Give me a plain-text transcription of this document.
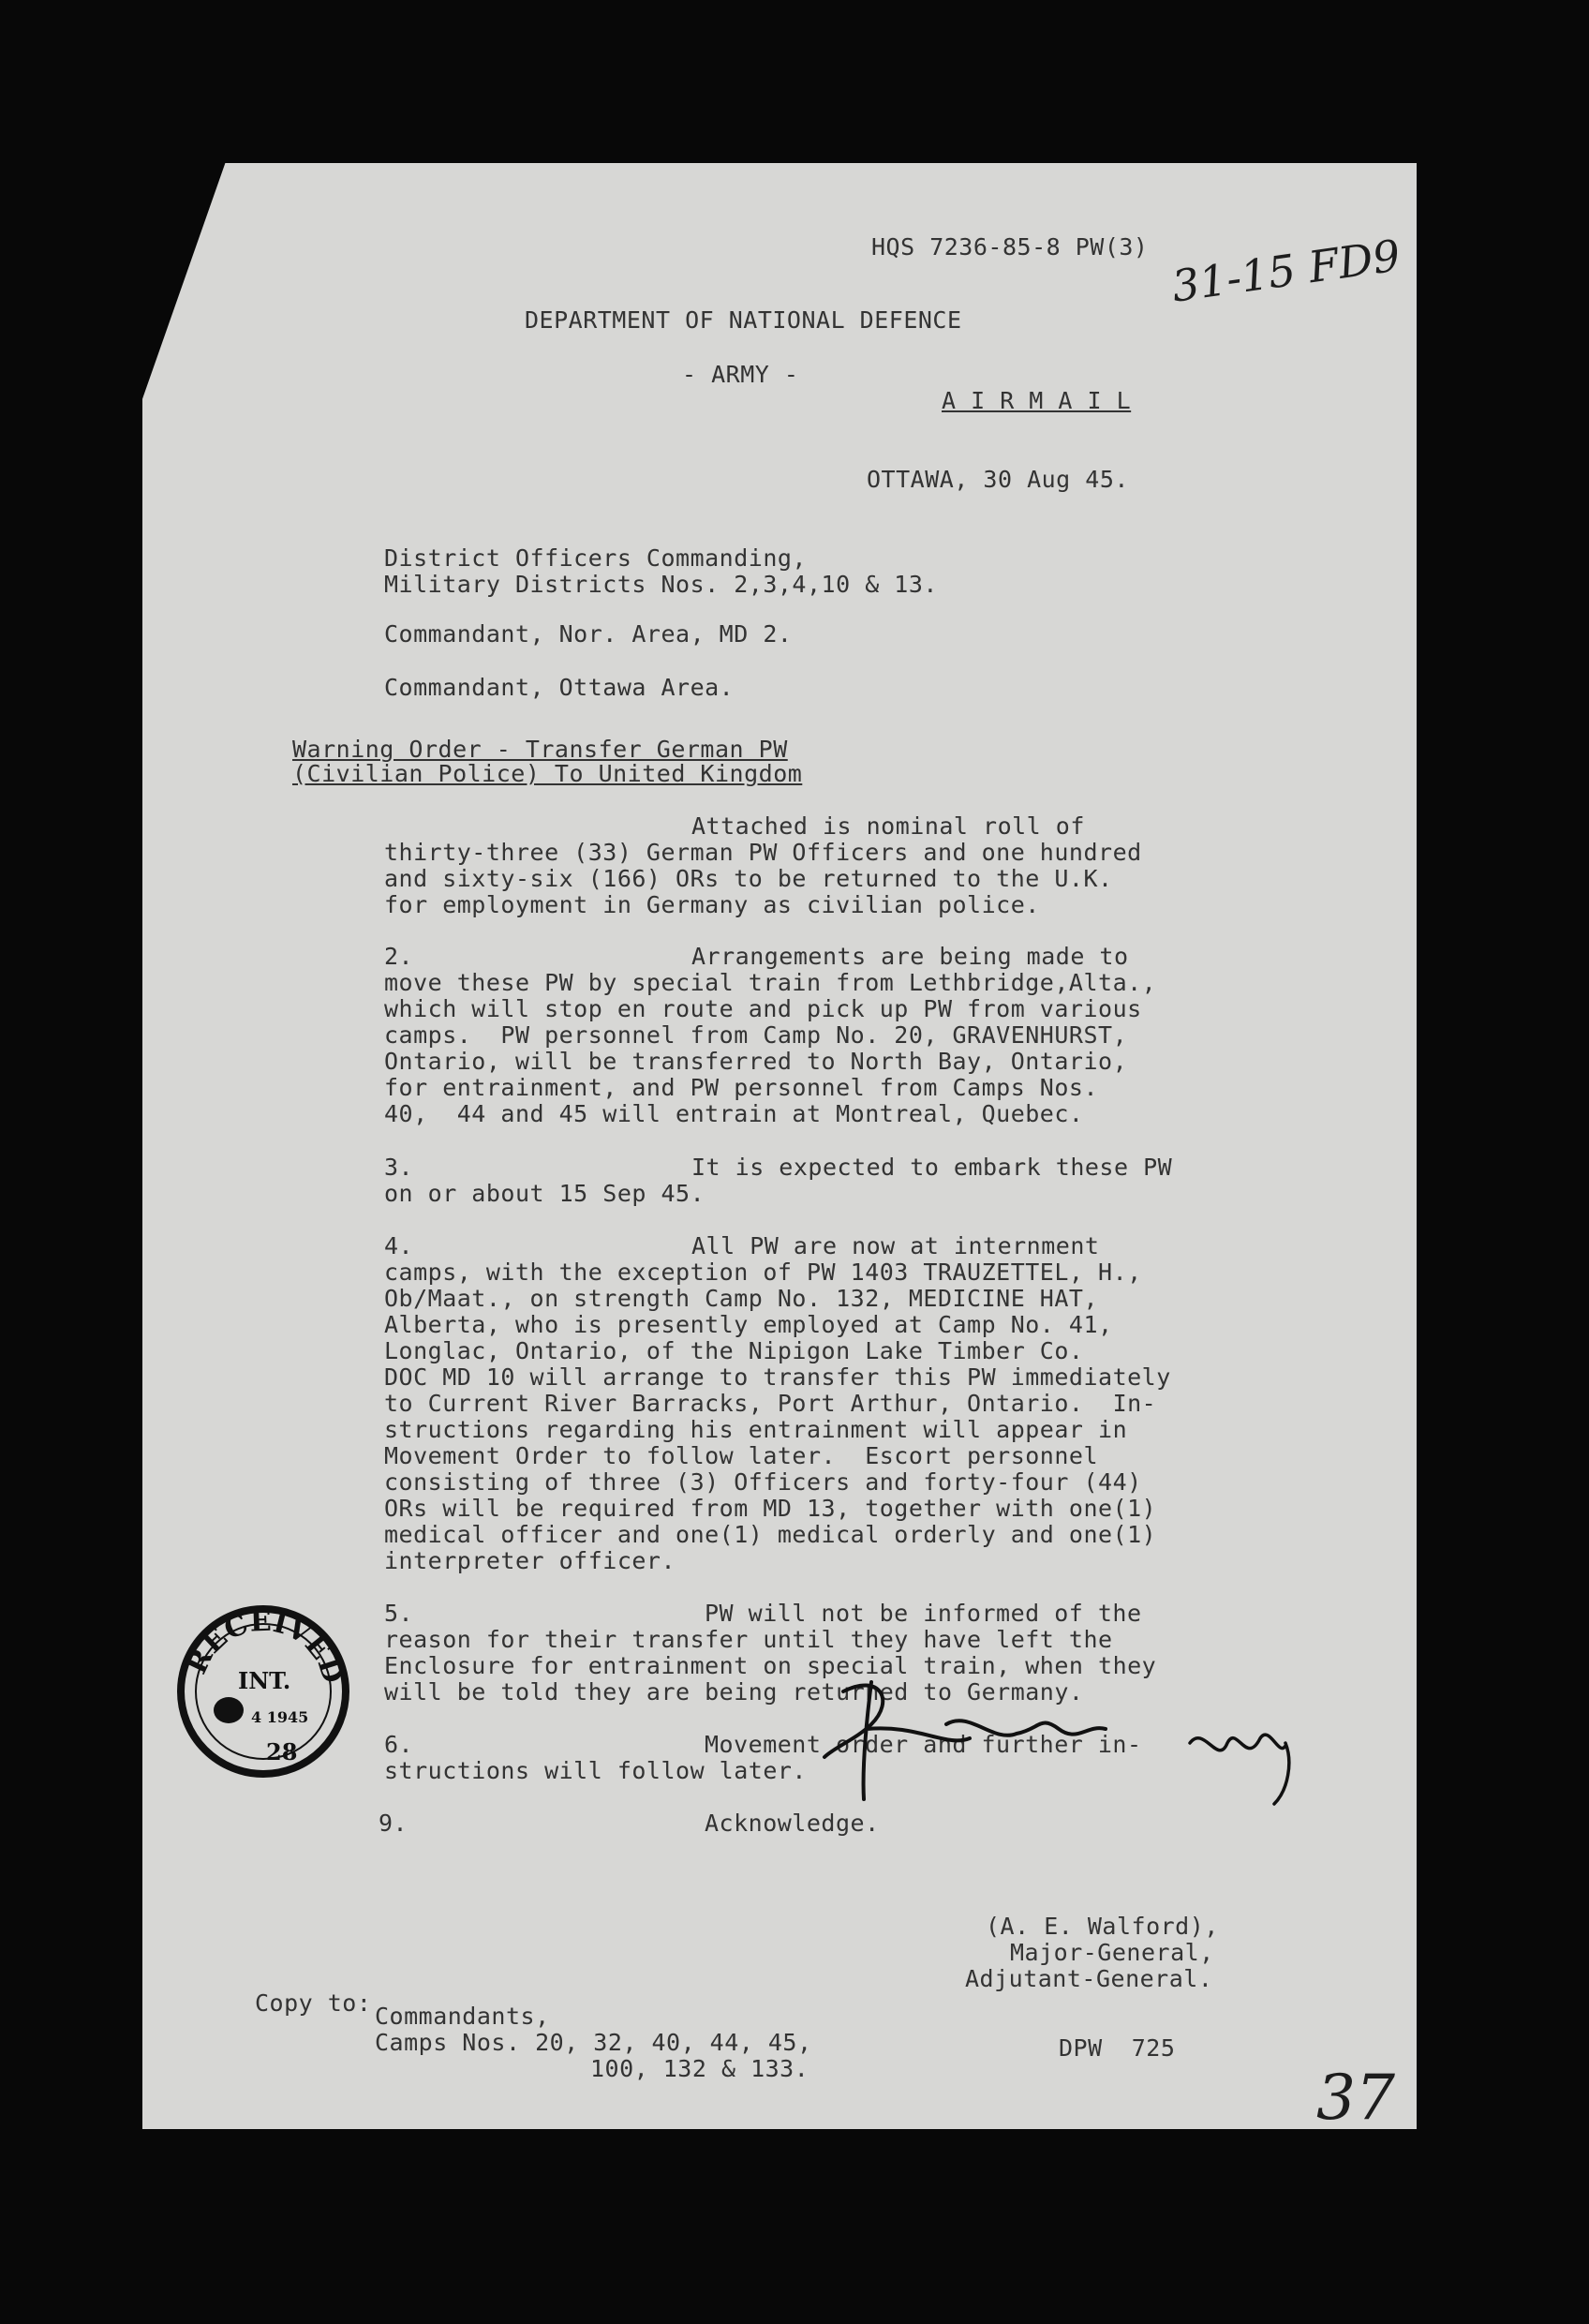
HQS 7236-85-8 PW(3) 31-15 FD9
DEPARTMENT OF NATIONAL DEFENCE
- ARMY -
A I R M A I L
OTTAWA, 30 Aug 45.
District Officers Commanding,
Military Districts Nos. 2,3,4,10 & 13.
Commandant, Nor. Area, MD 2.
Commandant, Ottawa Area.
Warning Order - Transfer German PW
(Civilian Police) To United Kingdom
Attached is nominal roll of
thirty-three (33) German PW Officers and one hundred
and sixty-six (166) ORs to be returned to the U.K.
for employment in Germany as civilian police.
2.	Arrangements are being made to
move these PW by special train from Lethbridge,Alta.,
which will stop en route and pick up PW from various
camps.  PW personnel from Camp No. 20, GRAVENHURST,
Ontario, will be transferred to North Bay, Ontario,
for entrainment, and PW personnel from Camps Nos.
40,  44 and 45 will entrain at Montreal, Quebec.
3.	It is expected to embark these PW
on or about 15 Sep 45.
4.	All PW are now at internment
camps, with the exception of PW 1403 TRAUZETTEL, H.,
Ob/Maat., on strength Camp No. 132, MEDICINE HAT,
Alberta, who is presently employed at Camp No. 41,
Longlac, Ontario, of the Nipigon Lake Timber Co.
DOC MD 10 will arrange to transfer this PW immediately
to Current River Barracks, Port Arthur, Ontario.  In-
structions regarding his entrainment will appear in
Movement Order to follow later.  Escort personnel
consisting of three (3) Officers and forty-four (44)
ORs will be required from MD 13, together with one(1)
medical officer and one(1) medical orderly and one(1)
interpreter officer.
5.	PW will not be informed of the
reason for their transfer until they have left the
Enclosure for entrainment on special train, when they
will be told they are being returned to Germany.
6.	Movement order and further in-
structions will follow later.
9.	Acknowledge.
RECEIVED
INT.
4 1945
28
(A. E. Walford),
Major-General,
Adjutant-General.
Copy to: Commandants,
Camps Nos. 20, 32, 40, 44, 45,
100, 132 & 133.
DPW  725
37
